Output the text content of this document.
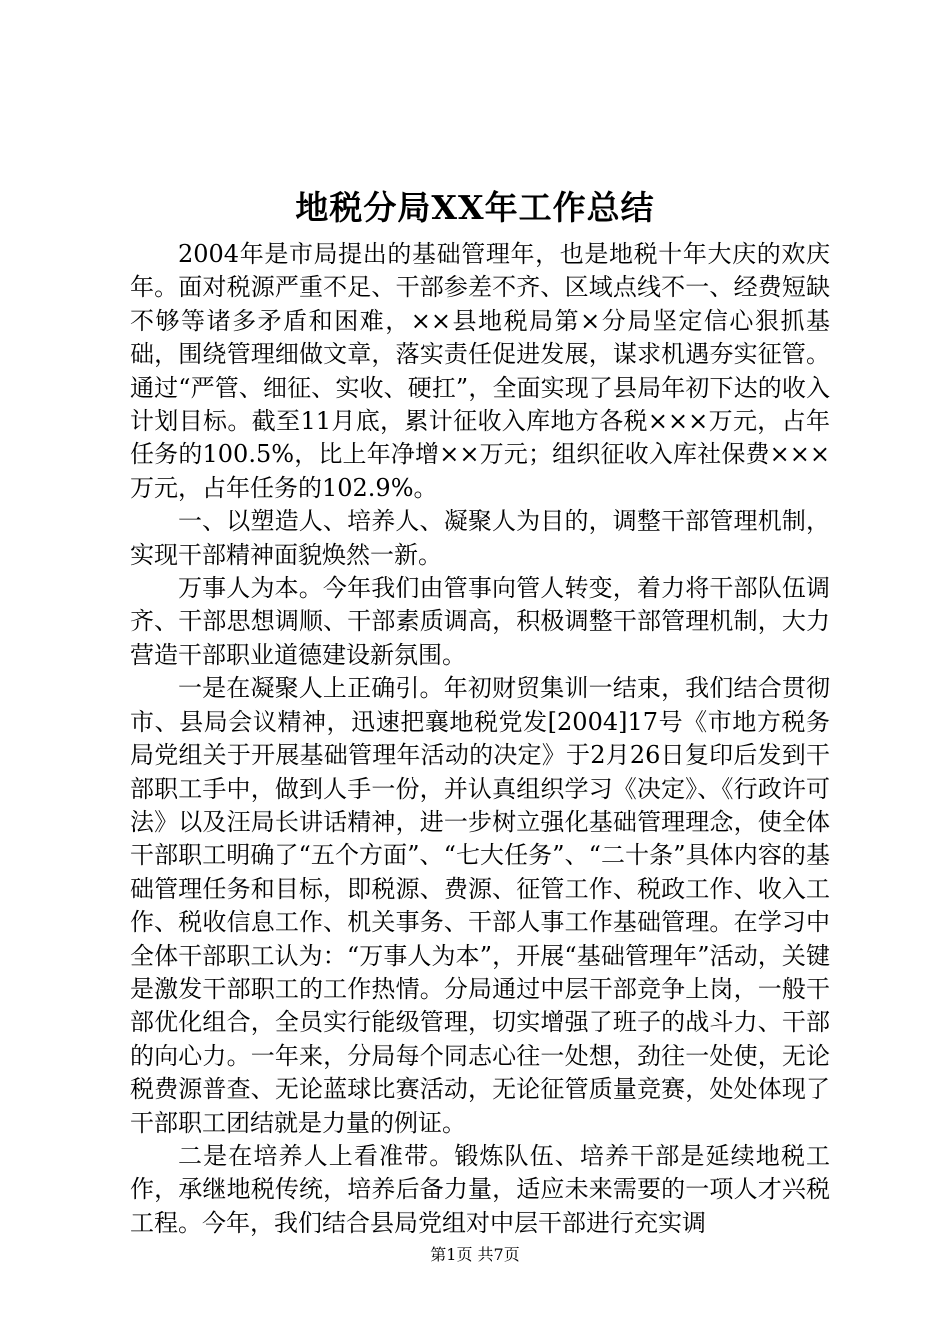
地税分局XX年工作总结

2004年是市局提出的基础管理年，也是地税十年大庆的欢庆年。面对税源严重不足、干部参差不齐、区域点线不一、经费短缺不够等诸多矛盾和困难，××县地税局第×分局坚定信心狠抓基础，围绕管理细做文章，落实责任促进发展，谋求机遇夯实征管。通过“严管、细征、实收、硬扛”，全面实现了县局年初下达的收入计划目标。截至11月底，累计征收入库地方各税×××万元，占年任务的100.5%，比上年净增××万元；组织征收入库社保费×××万元，占年任务的102.9%。

一、以塑造人、培养人、凝聚人为目的，调整干部管理机制，实现干部精神面貌焕然一新。

万事人为本。今年我们由管事向管人转变，着力将干部队伍调齐、干部思想调顺、干部素质调高，积极调整干部管理机制，大力营造干部职业道德建设新氛围。

一是在凝聚人上正确引。年初财贸集训一结束，我们结合贯彻市、县局会议精神，迅速把襄地税党发[2004]17号《市地方税务局党组关于开展基础管理年活动的决定》于2月26日复印后发到干部职工手中，做到人手一份，并认真组织学习《决定》、《行政许可法》以及汪局长讲话精神，进一步树立强化基础管理理念，使全体干部职工明确了“五个方面”、“七大任务”、“二十条”具体内容的基础管理任务和目标，即税源、费源、征管工作、税政工作、收入工作、税收信息工作、机关事务、干部人事工作基础管理。在学习中全体干部职工认为：“万事人为本”，开展“基础管理年”活动，关键是激发干部职工的工作热情。分局通过中层干部竞争上岗，一般干部优化组合，全员实行能级管理，切实增强了班子的战斗力、干部的向心力。一年来，分局每个同志心往一处想，劲往一处使，无论税费源普查、无论蓝球比赛活动，无论征管质量竞赛，处处体现了干部职工团结就是力量的例证。

二是在培养人上看准带。锻炼队伍、培养干部是延续地税工作，承继地税传统，培养后备力量，适应未来需要的一项人才兴税工程。今年，我们结合县局党组对中层干部进行充实调

第1页 共7页
